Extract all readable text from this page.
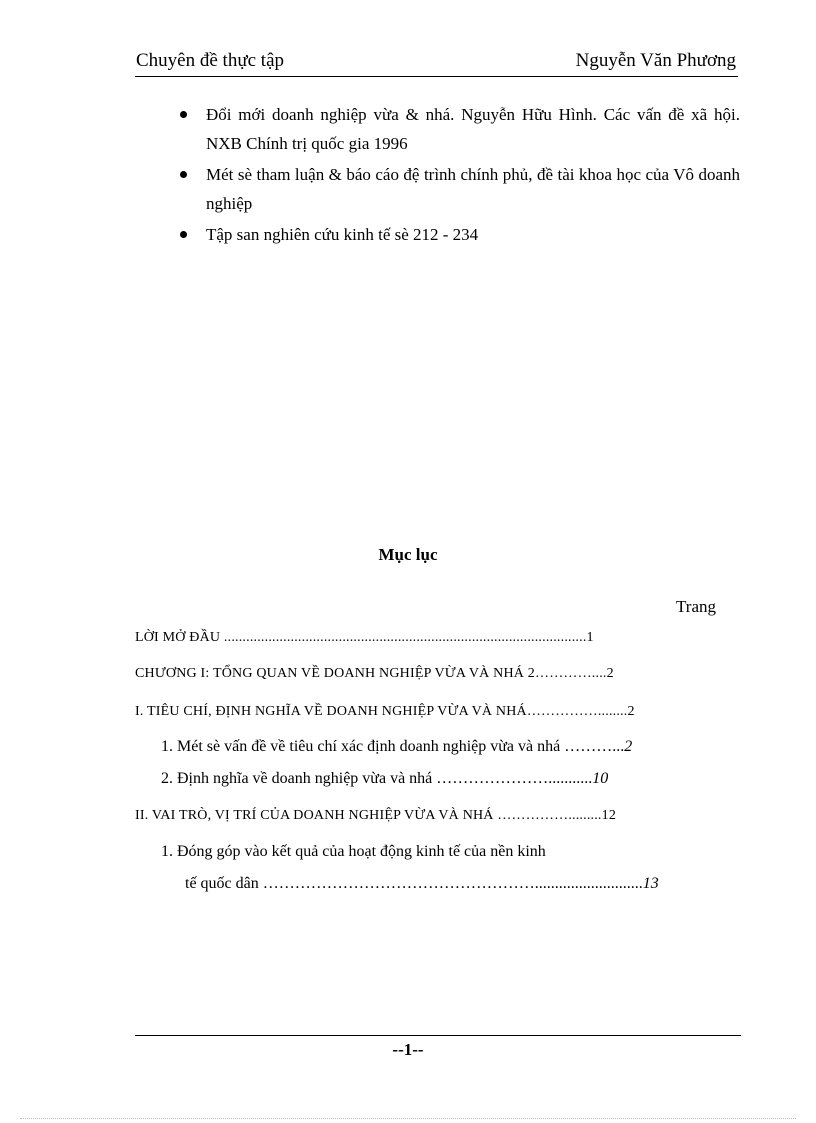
Chuyên đề thực tập	Nguyễn Văn Phương
Đổi mới doanh nghiệp vừa & nhá. Nguyễn Hữu Hình. Các vấn đề xã hội. NXB Chính trị quốc gia 1996
Mét sè tham luận & báo cáo đệ trình chính phủ, đề tài khoa học của Vô doanh nghiệp
Tập san nghiên cứu kinh tế sè 212 - 234
Mục lục
Trang
LỜI MỞ ĐẦU ..................................................................................................1
CHƯƠNG I: TỔNG QUAN VỀ DOANH NGHIỆP VỪA VÀ NHÁ 2…………....2
I. TIÊU CHÍ, ĐỊNH NGHĨA VỀ DOANH NGHIỆP VỪA VÀ NHÁ……………........2
1. Mét sè vấn đề về tiêu chí xác định doanh nghiệp vừa và nhá ………...2
2. Định nghĩa về doanh nghiệp vừa và nhá …………………...........10
II. VAI TRÒ, VỊ TRÍ CỦA DOANH NGHIỆP VỪA VÀ NHÁ …………….........12
1. Đóng góp vào kết quả của hoạt động kinh tế của nền kinh
tế quốc dân ……………………………………………...........................13
--1--
